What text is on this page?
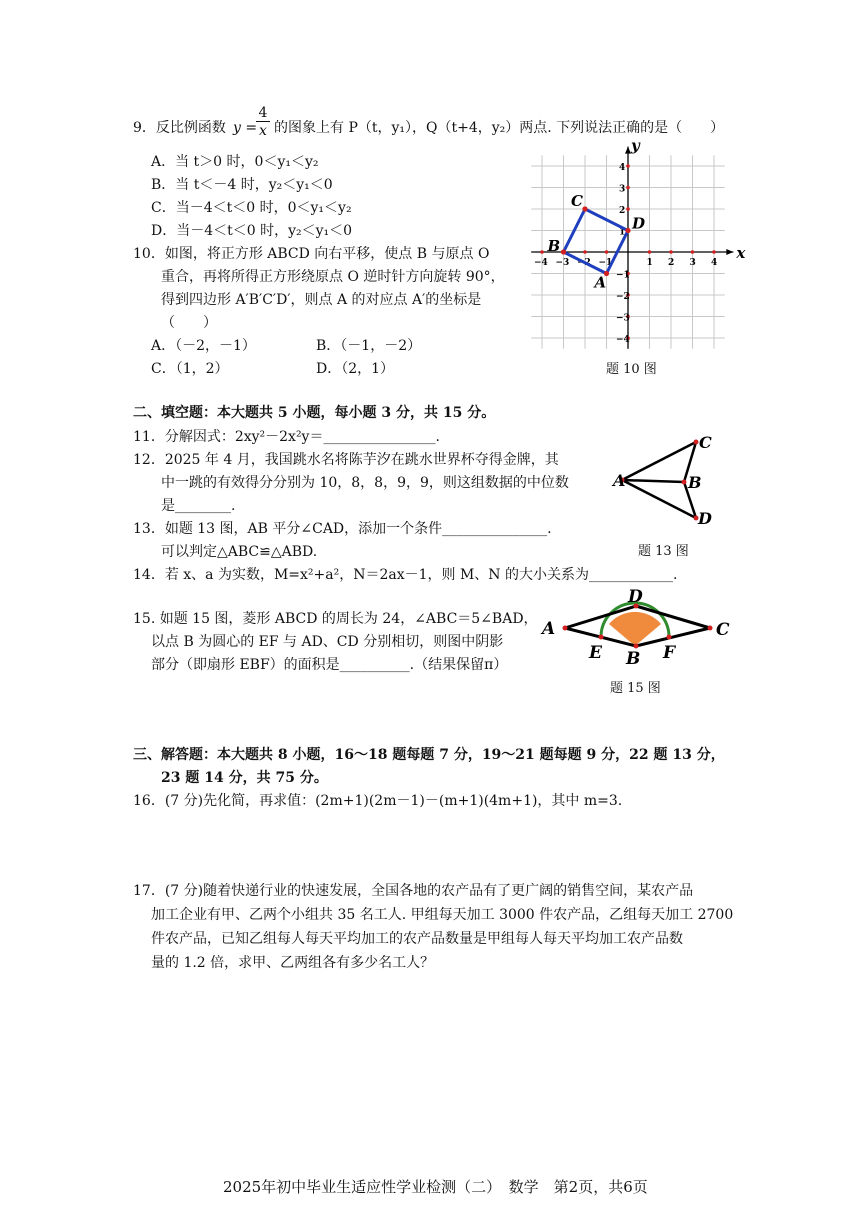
9．反比例函数 y =
$\frac{4}{x}$ 的图象上有 P（t，y₁），Q（t+4，y₂）两点. 下列说法正确的是（　　）
A．当 t＞0 时，0＜y₁＜y₂
B．当 t＜－4 时，y₂＜y₁＜0
C．当－4＜t＜0 时，0＜y₁＜y₂
D．当－4＜t＜0 时，y₂＜y₁＜0
10．如图，将正方形 ABCD 向右平移，使点 B 与原点 O
重合，再将所得正方形绕原点 O 逆时针方向旋转 90°，
得到四边形 A′B′C′D′，则点 A 的对应点 A′的坐标是
（　　）
A．（－2，－1）	B．（－1，－2）
C．（1，2）	D．（2，1）
x
y
−4 −3 −2 −1	1 2 3 4
4
3
2
1
−1
−2
−3
−4
A
B
C
D
题 10 图
二、填空题：本大题共 5 小题，每小题 3 分，共 15 分。
11．分解因式：2xy²－2x²y＝________________.
12．2025 年 4 月，我国跳水名将陈芋汐在跳水世界杯夺得金牌，其
中一跳的有效得分分别为 10，8，8，9，9，则这组数据的中位数
是________.
13．如题 13 图，AB 平分∠CAD，添加一个条件_______________.
可以判定△ABC≌△ABD.
A	B
C
D
题 13 图
14．若 x、a 为实数，M=x²+a²，N＝2ax－1，则 M、N 的大小关系为____________.
15. 如题 15 图，菱形 ABCD 的周长为 24，∠ABC＝5∠BAD，
以点 B 为圆心的 EF 与 AD、CD 分别相切，则图中阴影
部分（即扇形 EBF）的面积是__________.（结果保留π）
A
B
C
D
E	F
题 15 图
三、解答题：本大题共 8 小题，16～18 题每题 7 分，19～21 题每题 9 分，22 题 13 分，
23 题 14 分，共 75 分。
16．(7 分)先化简，再求值：(2m+1)(2m－1)－(m+1)(4m+1)，其中 m=3.
17．(7 分)随着快递行业的快速发展，全国各地的农产品有了更广阔的销售空间，某农产品
加工企业有甲、乙两个小组共 35 名工人. 甲组每天加工 3000 件农产品，乙组每天加工 2700
件农产品，已知乙组每人每天平均加工的农产品数量是甲组每人每天平均加工农产品数
量的 1.2 倍，求甲、乙两组各有多少名工人？
2025年初中毕业生适应性学业检测（二）　数学　第2页，共6页
